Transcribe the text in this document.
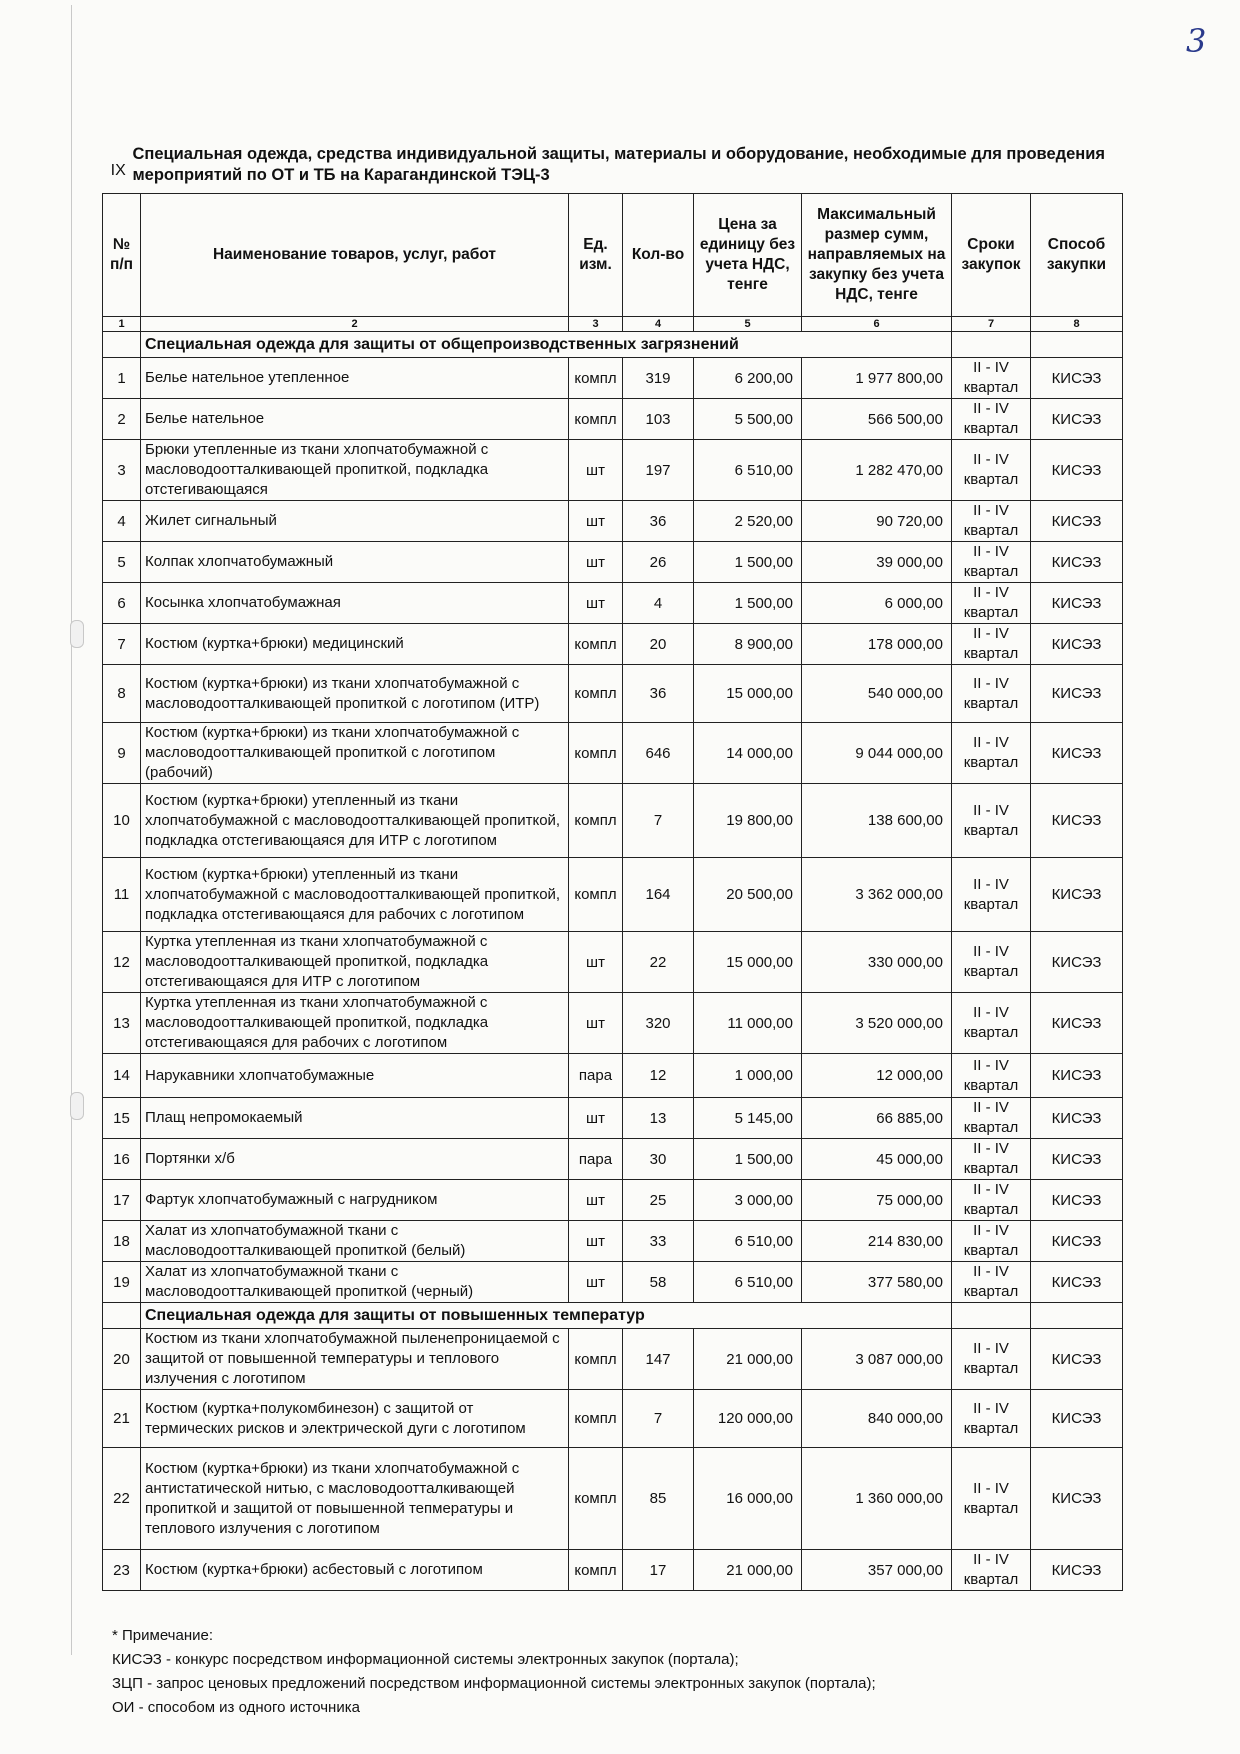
3
IX
Специальная одежда, средства индивидуальной защиты, материалы и оборудование, необходимые для проведения мероприятий по ОТ и ТБ на Карагандинской ТЭЦ-3
№ п/п	Наименование товаров, услуг, работ	Ед. изм.	Кол-во	Цена за единицу без учета НДС, тенге	Максимальный размер сумм, направляемых на закупку без учета НДС, тенге	Сроки закупок	Способ закупки
1	2	3	4	5	6	7	8
	Специальная одежда для защиты от общепроизводственных загрязнений						
1	Белье нательное утепленное	компл	319	6 200,00	1 977 800,00	II - IV квартал	КИСЭЗ
2	Белье нательное	компл	103	5 500,00	566 500,00	II - IV квартал	КИСЭЗ
3	Брюки утепленные из ткани хлопчатобумажной с масловодоотталкивающей пропиткой, подкладка отстегивающаяся	шт	197	6 510,00	1 282 470,00	II - IV квартал	КИСЭЗ
4	Жилет сигнальный	шт	36	2 520,00	90 720,00	II - IV квартал	КИСЭЗ
5	Колпак хлопчатобумажный	шт	26	1 500,00	39 000,00	II - IV квартал	КИСЭЗ
6	Косынка хлопчатобумажная	шт	4	1 500,00	6 000,00	II - IV квартал	КИСЭЗ
7	Костюм (куртка+брюки) медицинский	компл	20	8 900,00	178 000,00	II - IV квартал	КИСЭЗ
8	Костюм (куртка+брюки) из ткани хлопчатобумажной с масловодоотталкивающей пропиткой с логотипом (ИТР)	компл	36	15 000,00	540 000,00	II - IV квартал	КИСЭЗ
9	Костюм (куртка+брюки) из ткани хлопчатобумажной с масловодоотталкивающей пропиткой с логотипом (рабочий)	компл	646	14 000,00	9 044 000,00	II - IV квартал	КИСЭЗ
10	Костюм (куртка+брюки) утепленный из ткани хлопчатобумажной с масловодоотталкивающей пропиткой, подкладка отстегивающаяся для ИТР с логотипом	компл	7	19 800,00	138 600,00	II - IV квартал	КИСЭЗ
11	Костюм (куртка+брюки) утепленный из ткани хлопчатобумажной с масловодоотталкивающей пропиткой, подкладка отстегивающаяся для рабочих с логотипом	компл	164	20 500,00	3 362 000,00	II - IV квартал	КИСЭЗ
12	Куртка утепленная из ткани хлопчатобумажной с масловодоотталкивающей пропиткой, подкладка отстегивающаяся для ИТР с логотипом	шт	22	15 000,00	330 000,00	II - IV квартал	КИСЭЗ
13	Куртка утепленная из ткани хлопчатобумажной с масловодоотталкивающей пропиткой, подкладка отстегивающаяся для рабочих с логотипом	шт	320	11 000,00	3 520 000,00	II - IV квартал	КИСЭЗ
14	Нарукавники хлопчатобумажные	пара	12	1 000,00	12 000,00	II - IV квартал	КИСЭЗ
15	Плащ непромокаемый	шт	13	5 145,00	66 885,00	II - IV квартал	КИСЭЗ
16	Портянки х/б	пара	30	1 500,00	45 000,00	II - IV квартал	КИСЭЗ
17	Фартук хлопчатобумажный с нагрудником	шт	25	3 000,00	75 000,00	II - IV квартал	КИСЭЗ
18	Халат из хлопчатобумажной ткани с масловодоотталкивающей пропиткой (белый)	шт	33	6 510,00	214 830,00	II - IV квартал	КИСЭЗ
19	Халат из хлопчатобумажной ткани с масловодоотталкивающей пропиткой (черный)	шт	58	6 510,00	377 580,00	II - IV квартал	КИСЭЗ
	Специальная одежда для защиты от повышенных температур						
20	Костюм из ткани хлопчатобумажной пыленепроницаемой с защитой от повышенной температуры и теплового излучения с логотипом	компл	147	21 000,00	3 087 000,00	II - IV квартал	КИСЭЗ
21	Костюм (куртка+полукомбинезон) с защитой от термических рисков и электрической дуги с логотипом	компл	7	120 000,00	840 000,00	II - IV квартал	КИСЭЗ
22	Костюм (куртка+брюки) из ткани хлопчатобумажной с антистатической нитью, с масловодоотталкивающей пропиткой и защитой от повышенной тепмературы и теплового излучения с логотипом	компл	85	16 000,00	1 360 000,00	II - IV квартал	КИСЭЗ
23	Костюм (куртка+брюки) асбестовый с логотипом	компл	17	21 000,00	357 000,00	II - IV квартал	КИСЭЗ
* Примечание:
КИСЭЗ - конкурс посредством информационной системы электронных закупок (портала);
ЗЦП - запрос ценовых предложений посредством информационной системы электронных закупок (портала);
ОИ - способом из одного источника
